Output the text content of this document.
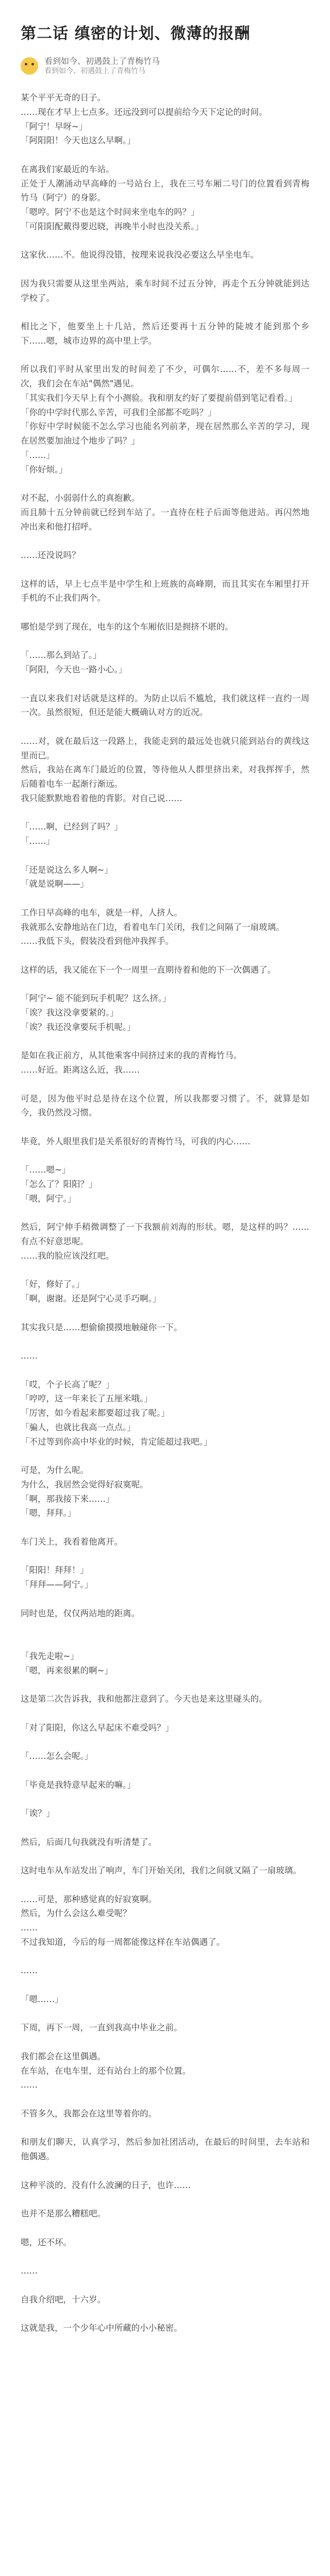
第二话 缜密的计划、微薄的报酬
看到如今、初遇鼓上了青梅竹马
看到如今、初遇鼓上了青梅竹马

某个平平无奇的日子。

……现在才早上七点多。还远没到可以提前给今天下定论的时间。

「阿宁！早呀~」

「阿阳阳！今天也这么早啊。」

在离我们家最近的车站。

正处于人潮涌动早高峰的一号站台上，我在三号车厢二号门的位置看到青梅竹马（阿宁）的身影。

「嗯哼。阿宁不也是这个时间来坐电车的吗？」

「可阳阳配戴得要迟晓，再晚半小时也没关系。」

这家伙……不。他说得没错，按理来说我没必要这么早坐电车。

因为我只需要从这里坐两站，乘车时间不过五分钟，再走个五分钟就能到达学校了。

相比之下，他要坐上十几站，然后还要再十五分钟的陡坡才能到那个乡下……嗯，城市边界的高中里上学。

所以我们平时从家里出发的时间差了不少，可偶尔……不，差不多每周一次，我们会在车站"偶然"遇见。

「其实我们今天早上有个小测验。我和朋友约好了要提前借到笔记看看。」

「你的中学时代那么辛苦，可我们全部都不吃吗？」

「你好中学时候能不怎么学习也能名列前茅，现在居然那么辛苦的学习，现在居然要加油过个地步了吗？」

「……」

「你好烦。」

对不起，小弱弱什么的真抱歉。

而且肺十五分钟前就已经到车站了。一直待在柱子后面等他进站。再闪然地冲出来和他打招呼。

……还没说吗？

这样的话，早上七点半是中学生和上班族的高峰期，而且其实在车厢里打开手机的不止我们两个。

哪怕是学到了现在，电车的这个车厢依旧是拥挤不堪的。

「……那么到站了。」

「阿阳，今天也一路小心。」

一直以来我们对话就是这样的。为防止以后不尴尬，我们就这样一直约一周一次。虽然很短，但还是能大概确认对方的近况。

……对，就在最后这一段路上，我能走到的最远处也就只能到站台的黄线这里而已。

然后，我站在离车门最近的位置，等待他从人群里挤出来，对我挥挥手，然后随着电车一起渐行渐远。

我只能默默地看着他的背影。对自己说……

「……啊，已经到了吗？」

「……」

「还是说这么多人啊~」

「就是说啊——」

工作日早高峰的电车，就是一样，人挤人。

我就那么安静地站在门边，看着电车门关闭，我们之间隔了一扇玻璃。

……我低下头，假装没看到他冲我挥手。

这样的话，我又能在下一个一周里一直期待着和他的下一次偶遇了。

「阿宁~ 能不能到玩手机呢？这么挤。」

「诶？我这没拿要紧的。」

「诶？我还没拿要玩手机呢。」

是如在我正前方，从其他乘客中间挤过来的我的青梅竹马。

……好近。距离这么近，我……

可是，因为他平时总是待在这个位置，所以我都要习惯了。不，就算是如今，我仍然没习惯。

毕竟，外人眼里我们是关系很好的青梅竹马，可我的内心……

「……嗯~」

「怎么了？阳阳？」

「喂，阿宁。」

然后，阿宁伸手稍微调整了一下我额前刘海的形状。嗯，是这样的吗？……有点不好意思呢。

……我的脸应该没红吧。

「好，修好了。」

「啊，谢谢。还是阿宁心灵手巧啊。」

其实我只是……想偷偷摸摸地触碰你一下。

……

「哎，个子长高了呢？」

「哼哼，这一年来长了五厘米哦。」

「厉害，如今看起来都要超过我了呢。」

「骗人，也就比我高一点点。」

「不过等到你高中毕业的时候，肯定能超过我吧。」

可是，为什么呢。

为什么，我居然会觉得好寂寞呢。

「啊，那我接下来……」

「嗯，拜拜。」

车门关上，我看着他离开。

「阳阳！拜拜！」

「拜拜——阿宁。」

同时也是，仅仅两站地的距离。

「我先走啦~」

「嗯，再来很累的啊~」

这是第二次告诉我，我和他都注意到了。今天也是来这里碰头的。

「对了阳阳，你这么早起床不难受吗？」

「……怎么会呢。」

「毕竟是我特意早起来的嘛。」

「诶？」

然后，后面几句我就没有听清楚了。

这时电车从车站发出了响声，车门开始关闭，我们之间就又隔了一扇玻璃。

……可是，那种感觉真的好寂寞啊。

然后，为什么会这么难受呢？

……

不过我知道，今后的每一周都能像这样在车站偶遇了。

……

「嗯……」

下周，再下一周，一直到我高中毕业之前。

我们都会在这里偶遇。

在车站，在电车里，还有站台上的那个位置。

……

不管多久，我都会在这里等着你的。

和朋友们聊天，认真学习，然后参加社团活动，在最后的时间里，去车站和他偶遇。

这种平淡的、没有什么波澜的日子，也许……

也并不是那么糟糕吧。

嗯，还不坏。

……

自我介绍吧，十六岁。

这就是我，一个少年心中所藏的小小秘密。
